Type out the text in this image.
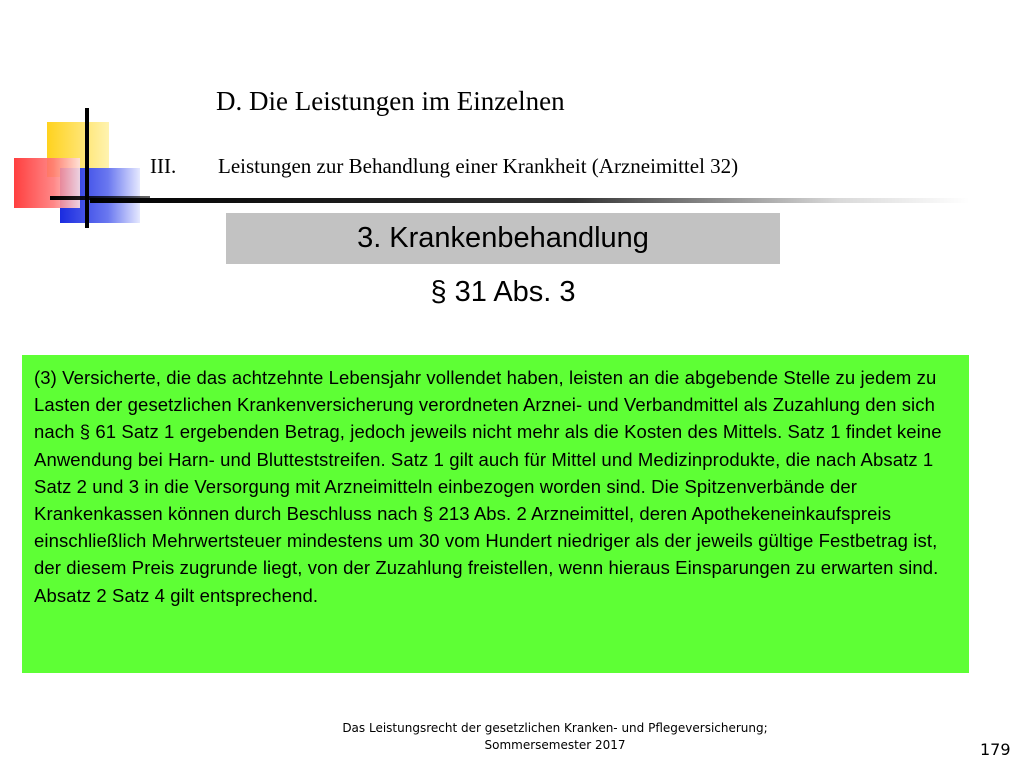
D. Die Leistungen im Einzelnen
III. Leistungen zur Behandlung einer Krankheit (Arzneimittel 32)
3. Krankenbehandlung
§ 31 Abs. 3

(3) Versicherte, die das achtzehnte Lebensjahr vollendet haben, leisten an die abgebende Stelle zu jedem zu Lasten der gesetzlichen Krankenversicherung verordneten Arznei- und Verbandmittel als Zuzahlung den sich nach § 61 Satz 1 ergebenden Betrag, jedoch jeweils nicht mehr als die Kosten des Mittels. Satz 1 findet keine Anwendung bei Harn- und Blutteststreifen. Satz 1 gilt auch für Mittel und Medizinprodukte, die nach Absatz 1 Satz 2 und 3 in die Versorgung mit Arzneimitteln einbezogen worden sind. Die Spitzenverbände der Krankenkassen können durch Beschluss nach § 213 Abs. 2 Arzneimittel, deren Apothekeneinkaufspreis einschließlich Mehrwertsteuer mindestens um 30 vom Hundert niedriger als der jeweils gültige Festbetrag ist, der diesem Preis zugrunde liegt, von der Zuzahlung freistellen, wenn hieraus Einsparungen zu erwarten sind. Absatz 2 Satz 4 gilt entsprechend.

Das Leistungsrecht der gesetzlichen Kranken- und Pflegeversicherung;
Sommersemester 2017	179
